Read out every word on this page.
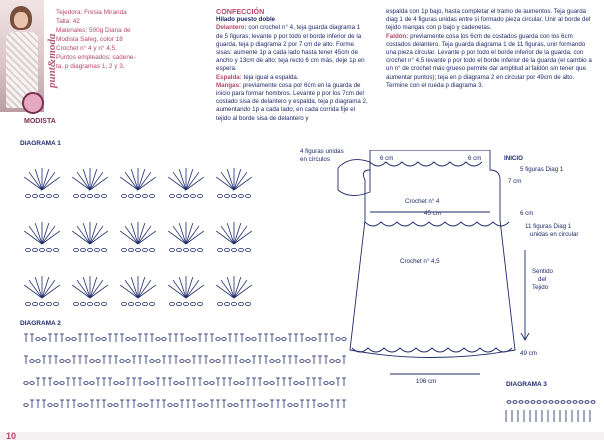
punt&moda
MODISTA
Tejedora: Fresia Miranda
Talla: 42
Materiales: 500g Diana de
Modista Saleg, color 18
Crochet n° 4 y n° 4,5.
Puntos empleados: cadene-
ta, p diagramas 1, 2 y 3.
CONFECCIÓN
Hilado puesto doble
Delantero: con crochet n° 4, teja guarda diagrama 1 de 5 figuras; levante p por todo el borde inferior de la guarda, teja p diagrama 2 por 7 cm de alto. Forme sisas: aumente 1p a cada lado hasta tener 45cm de ancho y 13cm de alto; teja recto 6 cm más, deje 1p en espera.
Espalda: teja igual a espalda.
Mangas: previamente cosa por 6cm en la guarda de inicio para formar hombros. Levante p por los 7cm del costado sisa de delantero y espalda, teja p diagrama 2, aumentando 1p a cada lado; en cada corrida fije el tejido al borde sisa de delantero y
espalda con 1p bajo, hasta completar el tramo de aumentos. Teja guarda diag 1 de 4 figuras unidas entre sí formado pieza circular. Unir al borde del tejido mangas con p bajo y cadenetas.
Faldón: previamente cosa los 6cm de costados guarda con los 6cm costados delantero. Teja guarda diagrama 1 de 11 figuras, unir formando una pieza circular. Levante p por todo el borde inferior de la guarda, con crochet n° 4,5 levante p por todo el borde inferior de la guarda (el cambio a un n° de crochet más grueso permite dar amplitud al faldón sin tener que aumentar puntos); teja en p diagrama 2 en circular por 49cm de alto. Termine con el rueda p diagrama 3.
DIAGRAMA 1
DIAGRAMA 2
DIAGRAMA 3
4 figuras unidas
en círculos	6 cm	6 cm	INICIO
5 figuras Diag 1
7 cm
Crochet n° 4
45 cm	6 cm
11 figuras Diag 1
unidas en circular
Crochet n° 4,5
Sentido
del
Tejido
49 cm
106 cm
10
